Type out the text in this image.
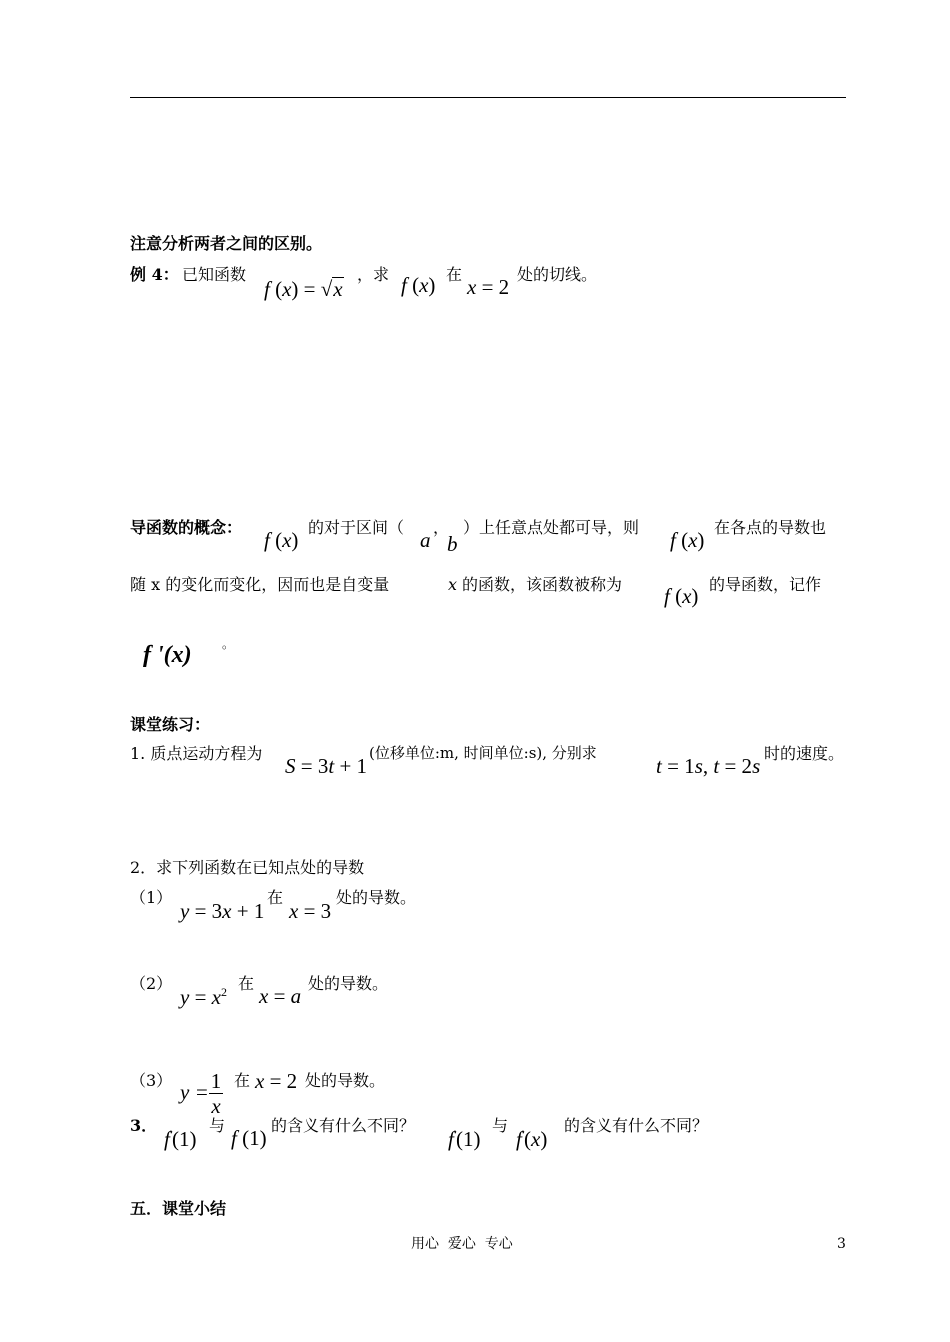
注意分析两者之间的区别。
例 4： 已知函数
f (x) = √x
，求 f (x) 在
x = 2
处的切线。
导函数的概念：
f (x)
的对于区间（
a
，
b
）上任意点处都可导，则
f (x)
在各点的导数也
随 x 的变化而变化，因而也是自变量	x 的函数，该函数被称为 f (x) 的导函数，记作
f '(x)	。
课堂练习：
1. 质点运动方程为
S = 3t + 1
(位移单位:m, 时间单位:s), 分别求
t = 1s, t = 2s
时的速度。
2．求下列函数在已知点处的导数
（1）
y = 3x + 1
在
x = 3
处的导数。
（2）
$y = x^2$ 在
x = a
处的导数。
（3） $y = \frac{1}{x}$ 在 x = 2 处的导数。
3．
f'(1)
与
f (1)
的含义有什么不同？
f'(1)
与
f'(x)
的含义有什么不同？
五．课堂小结
用心  爱心  专心	3
